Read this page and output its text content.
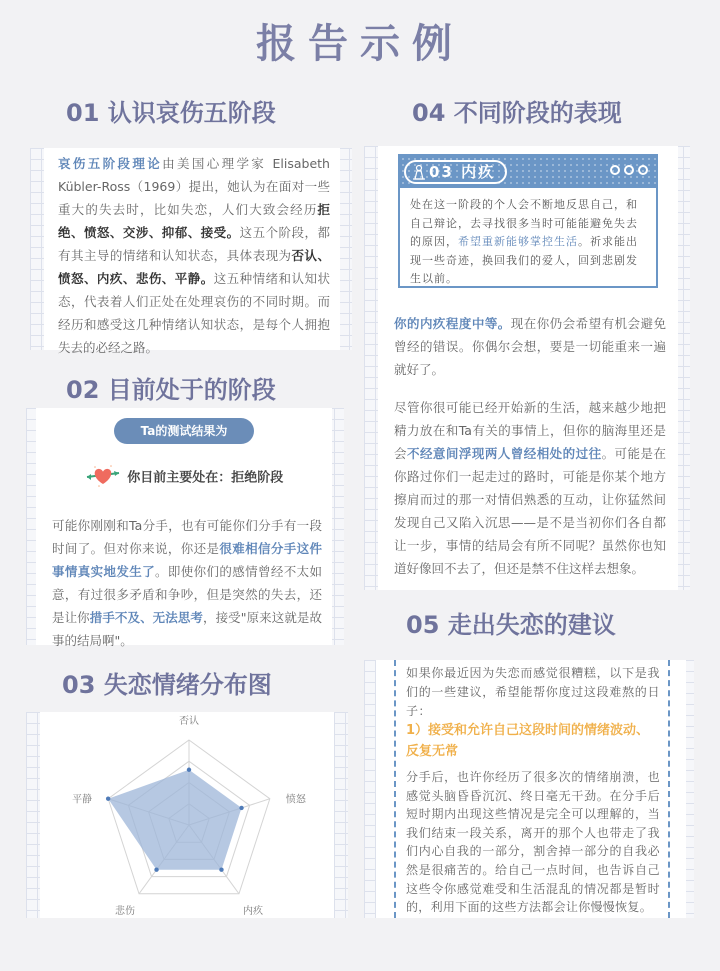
报告示例
01 认识哀伤五阶段

哀伤五阶段理论由美国心理学家 Elisabeth Kübler-Ross（1969）提出，她认为在面对一些重大的失去时，比如失恋，人们大致会经历拒绝、愤怒、交涉、抑郁、接受。这五个阶段，都有其主导的情绪和认知状态，具体表现为否认、愤怒、内疚、悲伤、平静。这五种情绪和认知状态，代表着人们正处在处理哀伤的不同时期。而经历和感受这几种情绪认知状态，是每个人拥抱失去的必经之路。

02 目前处于的阶段
Ta的测试结果为
你目前主要处在：拒绝阶段

可能你刚刚和Ta分手，也有可能你们分手有一段时间了。但对你来说，你还是很难相信分手这件事情真实地发生了。即使你们的感情曾经不太如意，有过很多矛盾和争吵，但是突然的失去，还是让你措手不及、无法思考，接受"原来这就是故事的结局啊"。

03 失恋情绪分布图
否认
愤怒
内疚
悲伤
平静
04 不同阶段的表现
03 内疚

处在这一阶段的个人会不断地反思自己，和自己辩论，去寻找很多当时可能能避免失去的原因，希望重新能够掌控生活。祈求能出现一些奇迹，换回我们的爱人，回到悲剧发生以前。

你的内疚程度中等。现在你仍会希望有机会避免曾经的错误。你偶尔会想，要是一切能重来一遍就好了。

尽管你很可能已经开始新的生活，越来越少地把精力放在和Ta有关的事情上，但你的脑海里还是会不经意间浮现两人曾经相处的过往。可能是在你路过你们一起走过的路时，可能是你某个地方擦肩而过的那一对情侣熟悉的互动，让你猛然间发现自己又陷入沉思——是不是当初你们各自都让一步，事情的结局会有所不同呢？虽然你也知道好像回不去了，但还是禁不住这样去想象。

05 走出失恋的建议

如果你最近因为失恋而感觉很糟糕，以下是我们的一些建议，希望能帮你度过这段难熬的日子：

1）接受和允许自己这段时间的情绪波动、反复无常

分手后，也许你经历了很多次的情绪崩溃，也感觉头脑昏昏沉沉、终日毫无干劲。在分手后短时期内出现这些情况是完全可以理解的，当我们结束一段关系，离开的那个人也带走了我们内心自我的一部分，割舍掉一部分的自我必然是很痛苦的。给自己一点时间，也告诉自己这些令你感觉难受和生活混乱的情况都是暂时的，利用下面的这些方法都会让你慢慢恢复。
